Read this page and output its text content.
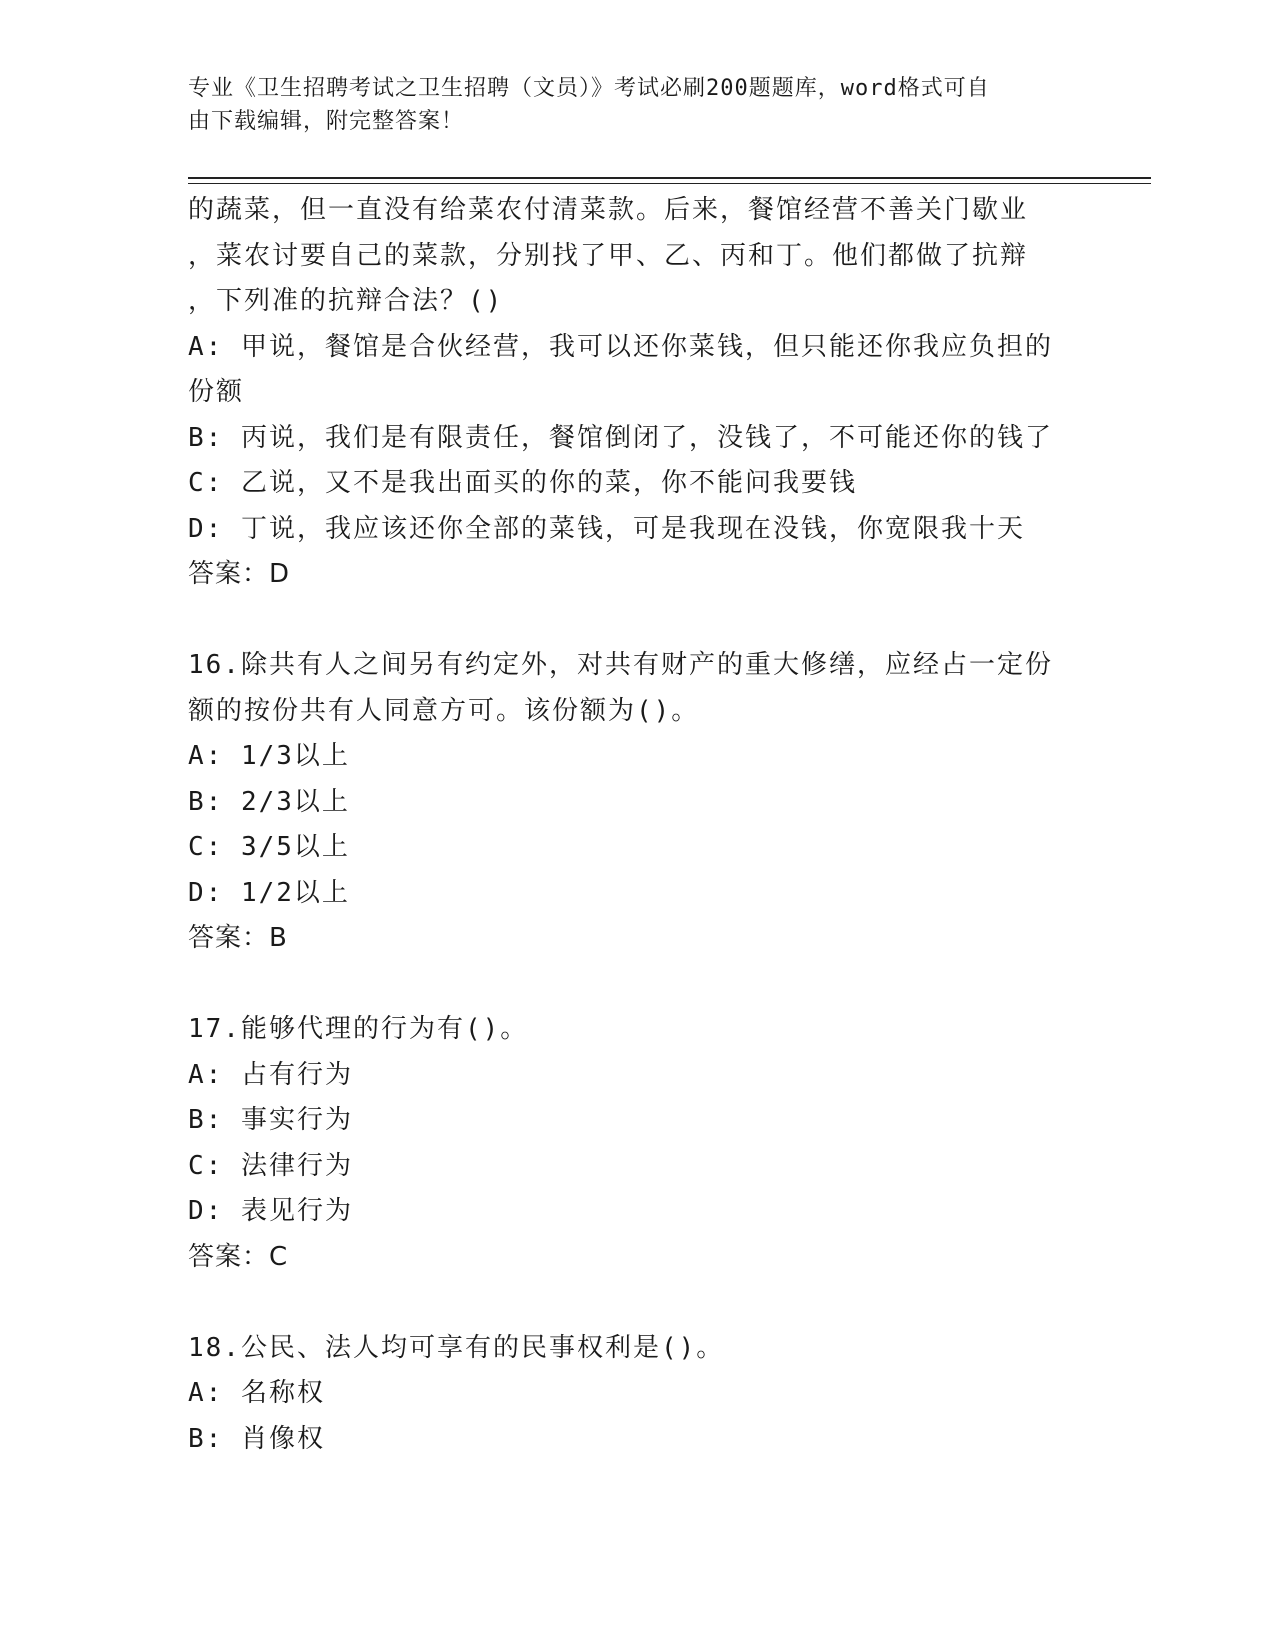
专业《卫生招聘考试之卫生招聘（文员）》考试必刷200题题库，word格式可自
由下载编辑，附完整答案！
的蔬菜，但一直没有给菜农付清菜款。后来，餐馆经营不善关门歇业
，菜农讨要自己的菜款，分别找了甲、乙、丙和丁。他们都做了抗辩
，下列准的抗辩合法？()
A: 甲说，餐馆是合伙经营，我可以还你菜钱，但只能还你我应负担的
份额
B: 丙说，我们是有限责任，餐馆倒闭了，没钱了，不可能还你的钱了
C: 乙说，又不是我出面买的你的菜，你不能问我要钱
D: 丁说，我应该还你全部的菜钱，可是我现在没钱，你宽限我十天
答案：D
16.除共有人之间另有约定外，对共有财产的重大修缮，应经占一定份
额的按份共有人同意方可。该份额为()。
A: 1/3以上
B: 2/3以上
C: 3/5以上
D: 1/2以上
答案：B
17.能够代理的行为有()。
A: 占有行为
B: 事实行为
C: 法律行为
D: 表见行为
答案：C
18.公民、法人均可享有的民事权利是()。
A: 名称权
B: 肖像权
